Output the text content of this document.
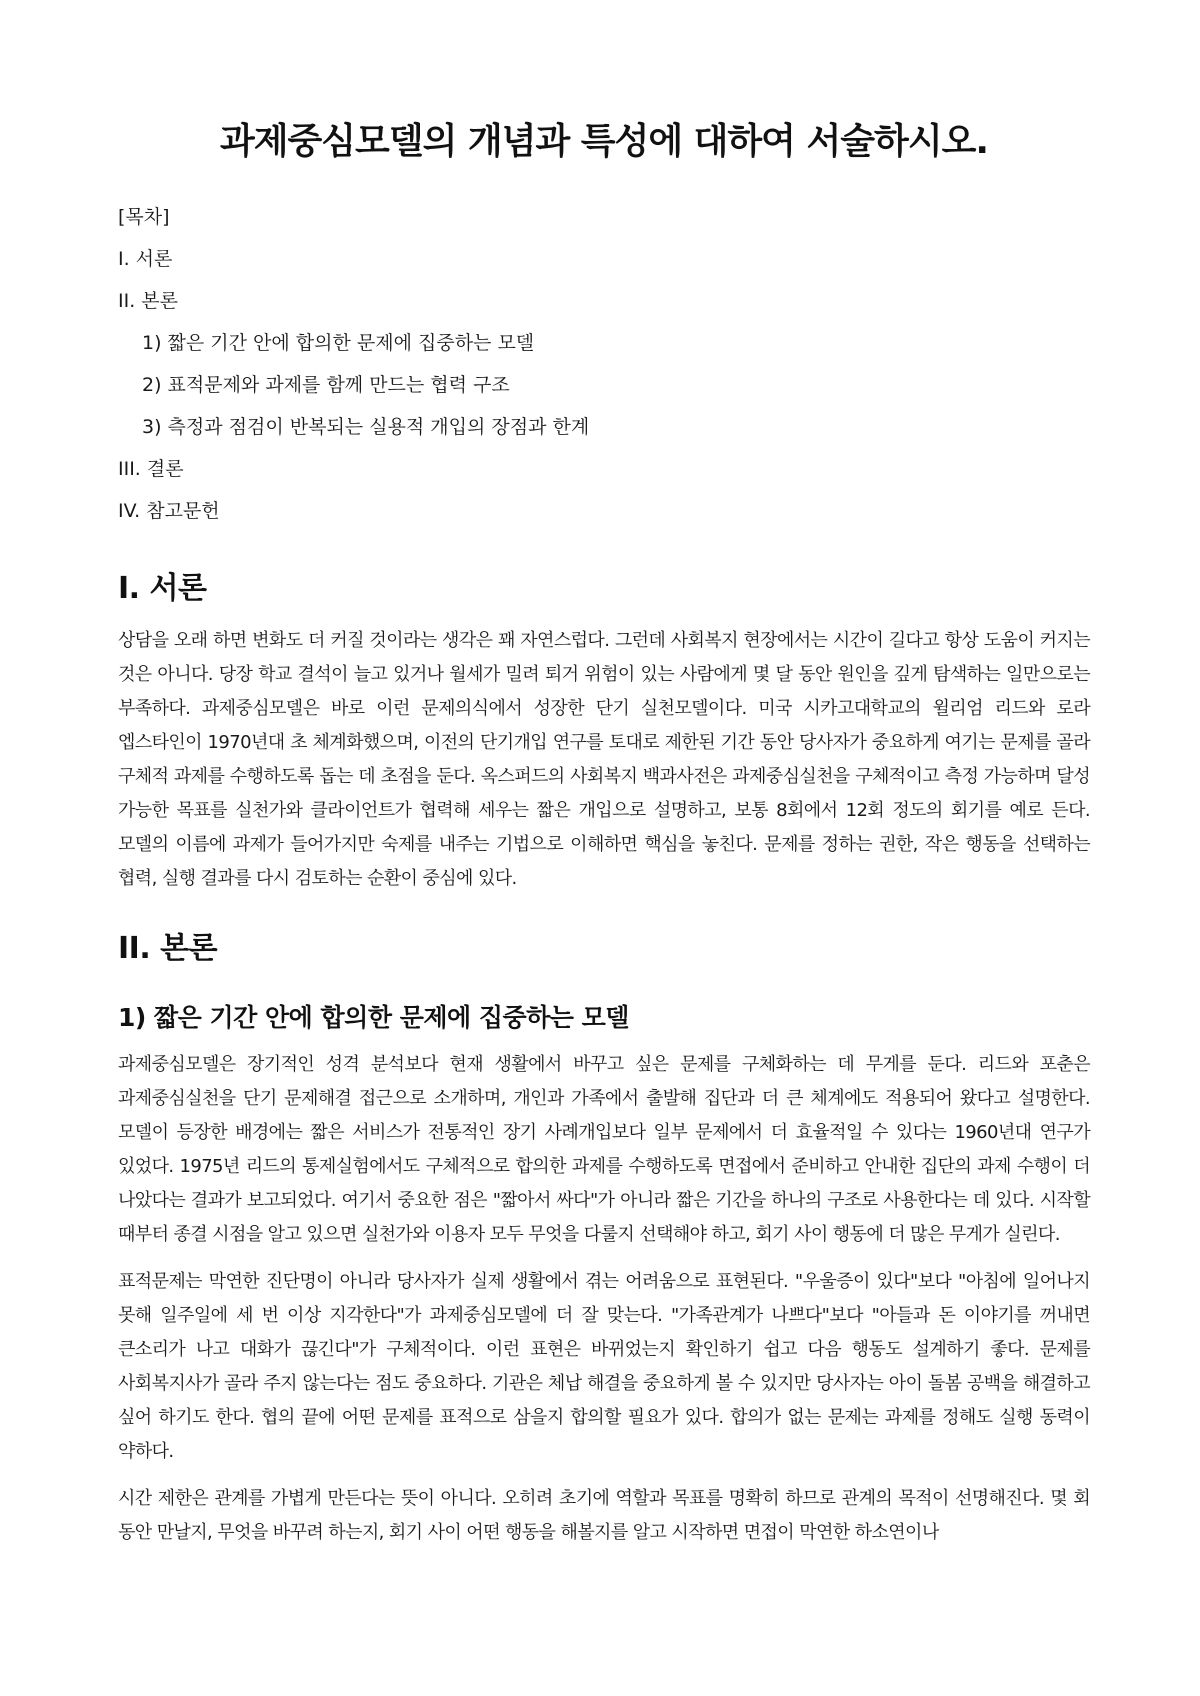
과제중심모델의 개념과 특성에 대하여 서술하시오.
[목차]
I. 서론
II. 본론
1) 짧은 기간 안에 합의한 문제에 집중하는 모델
2) 표적문제와 과제를 함께 만드는 협력 구조
3) 측정과 점검이 반복되는 실용적 개입의 장점과 한계
III. 결론
IV. 참고문헌
I. 서론

상담을 오래 하면 변화도 더 커질 것이라는 생각은 꽤 자연스럽다. 그런데 사회복지 현장에서는 시간이 길다고 항상 도움이 커지는 것은 아니다. 당장 학교 결석이 늘고 있거나 월세가 밀려 퇴거 위험이 있는 사람에게 몇 달 동안 원인을 깊게 탐색하는 일만으로는 부족하다. 과제중심모델은 바로 이런 문제의식에서 성장한 단기 실천모델이다. 미국 시카고대학교의 윌리엄 리드와 로라 엡스타인이 1970년대 초 체계화했으며, 이전의 단기개입 연구를 토대로 제한된 기간 동안 당사자가 중요하게 여기는 문제를 골라 구체적 과제를 수행하도록 돕는 데 초점을 둔다. 옥스퍼드의 사회복지 백과사전은 과제중심실천을 구체적이고 측정 가능하며 달성 가능한 목표를 실천가와 클라이언트가 협력해 세우는 짧은 개입으로 설명하고, 보통 8회에서 12회 정도의 회기를 예로 든다. 모델의 이름에 과제가 들어가지만 숙제를 내주는 기법으로 이해하면 핵심을 놓친다. 문제를 정하는 권한, 작은 행동을 선택하는 협력, 실행 결과를 다시 검토하는 순환이 중심에 있다.

II. 본론
1) 짧은 기간 안에 합의한 문제에 집중하는 모델

과제중심모델은 장기적인 성격 분석보다 현재 생활에서 바꾸고 싶은 문제를 구체화하는 데 무게를 둔다. 리드와 포춘은 과제중심실천을 단기 문제해결 접근으로 소개하며, 개인과 가족에서 출발해 집단과 더 큰 체계에도 적용되어 왔다고 설명한다. 모델이 등장한 배경에는 짧은 서비스가 전통적인 장기 사례개입보다 일부 문제에서 더 효율적일 수 있다는 1960년대 연구가 있었다. 1975년 리드의 통제실험에서도 구체적으로 합의한 과제를 수행하도록 면접에서 준비하고 안내한 집단의 과제 수행이 더 나았다는 결과가 보고되었다. 여기서 중요한 점은 "짧아서 싸다"가 아니라 짧은 기간을 하나의 구조로 사용한다는 데 있다. 시작할 때부터 종결 시점을 알고 있으면 실천가와 이용자 모두 무엇을 다룰지 선택해야 하고, 회기 사이 행동에 더 많은 무게가 실린다.

표적문제는 막연한 진단명이 아니라 당사자가 실제 생활에서 겪는 어려움으로 표현된다. "우울증이 있다"보다 "아침에 일어나지 못해 일주일에 세 번 이상 지각한다"가 과제중심모델에 더 잘 맞는다. "가족관계가 나쁘다"보다 "아들과 돈 이야기를 꺼내면 큰소리가 나고 대화가 끊긴다"가 구체적이다. 이런 표현은 바뀌었는지 확인하기 쉽고 다음 행동도 설계하기 좋다. 문제를 사회복지사가 골라 주지 않는다는 점도 중요하다. 기관은 체납 해결을 중요하게 볼 수 있지만 당사자는 아이 돌봄 공백을 해결하고 싶어 하기도 한다. 협의 끝에 어떤 문제를 표적으로 삼을지 합의할 필요가 있다. 합의가 없는 문제는 과제를 정해도 실행 동력이 약하다.

시간 제한은 관계를 가볍게 만든다는 뜻이 아니다. 오히려 초기에 역할과 목표를 명확히 하므로 관계의 목적이 선명해진다. 몇 회 동안 만날지, 무엇을 바꾸려 하는지, 회기 사이 어떤 행동을 해볼지를 알고 시작하면 면접이 막연한 하소연이나
